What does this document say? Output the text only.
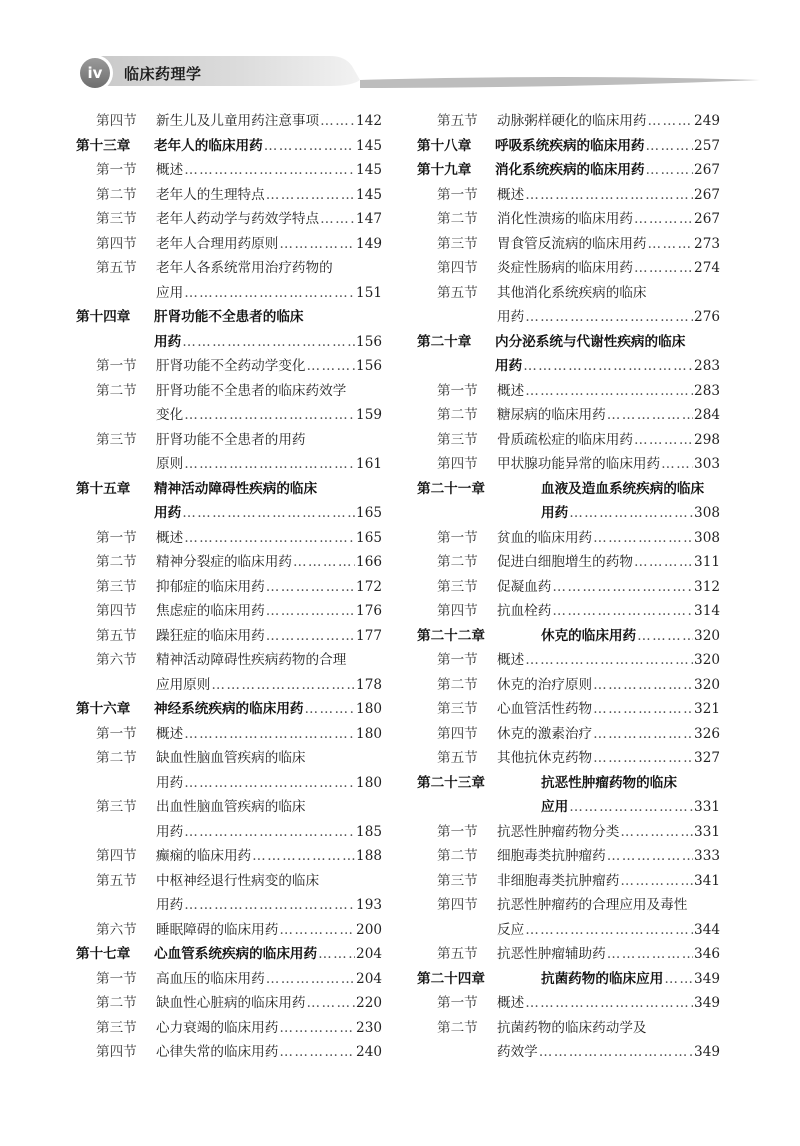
iv	临床药理学
第四节 新生儿及儿童用药注意事项 …………………………………………………………………………………………………………………………………	142
第十三章 老年人的临床用药 …………………………………………………………………………………………………………………………………	145
第一节 概述 …………………………………………………………………………………………………………………………………	145
第二节 老年人的生理特点 …………………………………………………………………………………………………………………………………	145
第三节 老年人药动学与药效学特点 …………………………………………………………………………………………………………………………………	147
第四节 老年人合理用药原则 …………………………………………………………………………………………………………………………………	149
第五节 老年人各系统常用治疗药物的
应用 …………………………………………………………………………………………………………………………………	151
第十四章 肝肾功能不全患者的临床
用药 …………………………………………………………………………………………………………………………………	156
第一节 肝肾功能不全药动学变化 …………………………………………………………………………………………………………………………………	156
第二节 肝肾功能不全患者的临床药效学
变化 …………………………………………………………………………………………………………………………………	159
第三节 肝肾功能不全患者的用药
原则 …………………………………………………………………………………………………………………………………	161
第十五章 精神活动障碍性疾病的临床
用药 …………………………………………………………………………………………………………………………………	165
第一节 概述 …………………………………………………………………………………………………………………………………	165
第二节 精神分裂症的临床用药 …………………………………………………………………………………………………………………………………	166
第三节 抑郁症的临床用药 …………………………………………………………………………………………………………………………………	172
第四节 焦虑症的临床用药 …………………………………………………………………………………………………………………………………	176
第五节 躁狂症的临床用药 …………………………………………………………………………………………………………………………………	177
第六节 精神活动障碍性疾病药物的合理
应用原则 …………………………………………………………………………………………………………………………………	178
第十六章 神经系统疾病的临床用药 …………………………………………………………………………………………………………………………………	180
第一节 概述 …………………………………………………………………………………………………………………………………	180
第二节 缺血性脑血管疾病的临床
用药 …………………………………………………………………………………………………………………………………	180
第三节 出血性脑血管疾病的临床
用药 …………………………………………………………………………………………………………………………………	185
第四节 癫痫的临床用药 …………………………………………………………………………………………………………………………………	188
第五节 中枢神经退行性病变的临床
用药 …………………………………………………………………………………………………………………………………	193
第六节 睡眠障碍的临床用药 …………………………………………………………………………………………………………………………………	200
第十七章 心血管系统疾病的临床用药 …………………………………………………………………………………………………………………………………	204
第一节 高血压的临床用药 …………………………………………………………………………………………………………………………………	204
第二节 缺血性心脏病的临床用药 …………………………………………………………………………………………………………………………………	220
第三节 心力衰竭的临床用药 …………………………………………………………………………………………………………………………………	230
第四节 心律失常的临床用药 …………………………………………………………………………………………………………………………………	240
第五节 动脉粥样硬化的临床用药 …………………………………………………………………………………………………………………………………	249
第十八章 呼吸系统疾病的临床用药 …………………………………………………………………………………………………………………………………	257
第十九章 消化系统疾病的临床用药 …………………………………………………………………………………………………………………………………	267
第一节 概述 …………………………………………………………………………………………………………………………………	267
第二节 消化性溃疡的临床用药 …………………………………………………………………………………………………………………………………	267
第三节 胃食管反流病的临床用药 …………………………………………………………………………………………………………………………………	273
第四节 炎症性肠病的临床用药 …………………………………………………………………………………………………………………………………	274
第五节 其他消化系统疾病的临床
用药 …………………………………………………………………………………………………………………………………	276
第二十章 内分泌系统与代谢性疾病的临床
用药 …………………………………………………………………………………………………………………………………	283
第一节 概述 …………………………………………………………………………………………………………………………………	283
第二节 糖尿病的临床用药 …………………………………………………………………………………………………………………………………	284
第三节 骨质疏松症的临床用药 …………………………………………………………………………………………………………………………………	298
第四节 甲状腺功能异常的临床用药 ………………………………………………………………………………………………………………………………… 303
第二十一章	血液及造血系统疾病的临床
用药 …………………………………………………………………………………………………………………………………	308
第一节 贫血的临床用药 …………………………………………………………………………………………………………………………………	308
第二节 促进白细胞增生的药物 …………………………………………………………………………………………………………………………………	311
第三节 促凝血药 …………………………………………………………………………………………………………………………………	312
第四节 抗血栓药 …………………………………………………………………………………………………………………………………	314
第二十二章	休克的临床用药 …………………………………………………………………………………………………………………………………	320
第一节 概述 …………………………………………………………………………………………………………………………………	320
第二节 休克的治疗原则 …………………………………………………………………………………………………………………………………	320
第三节 心血管活性药物 …………………………………………………………………………………………………………………………………	321
第四节 休克的激素治疗 …………………………………………………………………………………………………………………………………	326
第五节 其他抗休克药物 …………………………………………………………………………………………………………………………………	327
第二十三章	抗恶性肿瘤药物的临床
应用 …………………………………………………………………………………………………………………………………	331
第一节 抗恶性肿瘤药物分类 …………………………………………………………………………………………………………………………………	331
第二节 细胞毒类抗肿瘤药 …………………………………………………………………………………………………………………………………	333
第三节 非细胞毒类抗肿瘤药 …………………………………………………………………………………………………………………………………	341
第四节 抗恶性肿瘤药的合理应用及毒性
反应 …………………………………………………………………………………………………………………………………	344
第五节 抗恶性肿瘤辅助药 …………………………………………………………………………………………………………………………………	346
第二十四章	抗菌药物的临床应用 ………………………………………………………………………………………………………………………………… 349
第一节 概述 …………………………………………………………………………………………………………………………………	349
第二节 抗菌药物的临床药动学及
药效学 …………………………………………………………………………………………………………………………………	349
